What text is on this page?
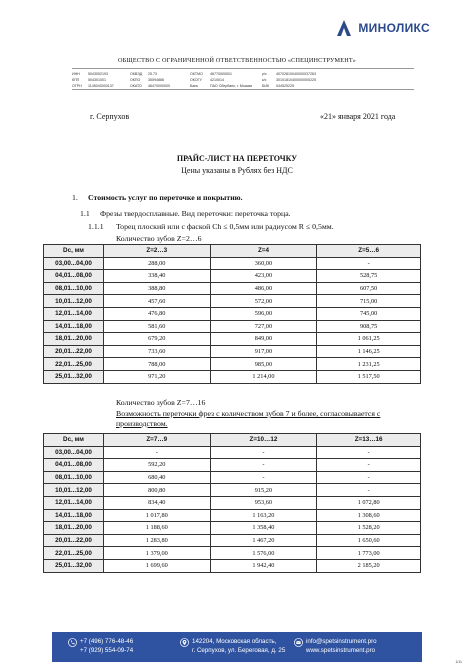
МИНОЛИКС
ОБЩЕСТВО С ОГРАНИЧЕННОЙ ОТВЕТСТВЕННОСТЬЮ «СПЕЦИНСТРУМЕНТ»
ИНН	5043052193	ОКВЭД	25.73	ОКТМО	46770000001	р/с	40702810040000037263
КПП	504301001	ОКПО	35094886	ОКОГУ	4210014	к/с	30101810400000000225
ОГРН	1145043003137	ОКАТО	46470000000	Банк	ПАО Сбербанк, г. Москва	БИК	044525225
г. Серпухов	«21» января 2021 года
ПРАЙС-ЛИСТ НА ПЕРЕТОЧКУ
Цены указаны в Рублях без НДС
1. Стоимость услуг по переточке и покрытию.
1.1 Фрезы твердосплавные. Вид переточки: переточка торца.
1.1.1 Торец плоский или с фаской Ch ≤ 0,5мм или радиусом R ≤ 0,5мм.
Количество зубов Z=2…6
Dc, мм	Z=2…3	Z=4	Z=5…6
03,00...04,00	288,00	360,00	-
04,01...08,00	338,40	423,00	528,75
08,01...10,00	388,80	486,00	607,50
10,01...12,00	457,60	572,00	715,00
12,01...14,00	476,80	596,00	745,00
14,01...18,00	581,60	727,00	908,75
18,01...20,00	679,20	849,00	1 061,25
20,01...22,00	733,60	917,00	1 146,25
22,01...25,00	788,00	985,00	1 231,25
25,01...32,00	971,20	1 214,00	1 517,50
Количество зубов Z=7…16
Возможность переточки фрез с количеством зубов 7 и более, согласовывается с производством.
Dc, мм	Z=7…9	Z=10…12	Z=13…16
03,00...04,00	-	-	-
04,01...08,00	592,20	-	-
08,01...10,00	680,40	-	-
10,01...12,00	800,80	915,20	-
12,01...14,00	834,40	953,60	1 072,80
14,01...18,00	1 017,80	1 163,20	1 308,60
18,01...20,00	1 188,60	1 358,40	1 528,20
20,01...22,00	1 283,80	1 467,20	1 650,60
22,01...25,00	1 379,00	1 576,00	1 773,00
25,01...32,00	1 699,60	1 942,40	2 185,20
+7 (496) 776-48-46
+7 (929) 554-09-74
142204, Московская область,
г. Серпухов, ул. Береговая, д. 25
info@spetsinstrument.pro
www.spetsinstrument.pro
1/11
